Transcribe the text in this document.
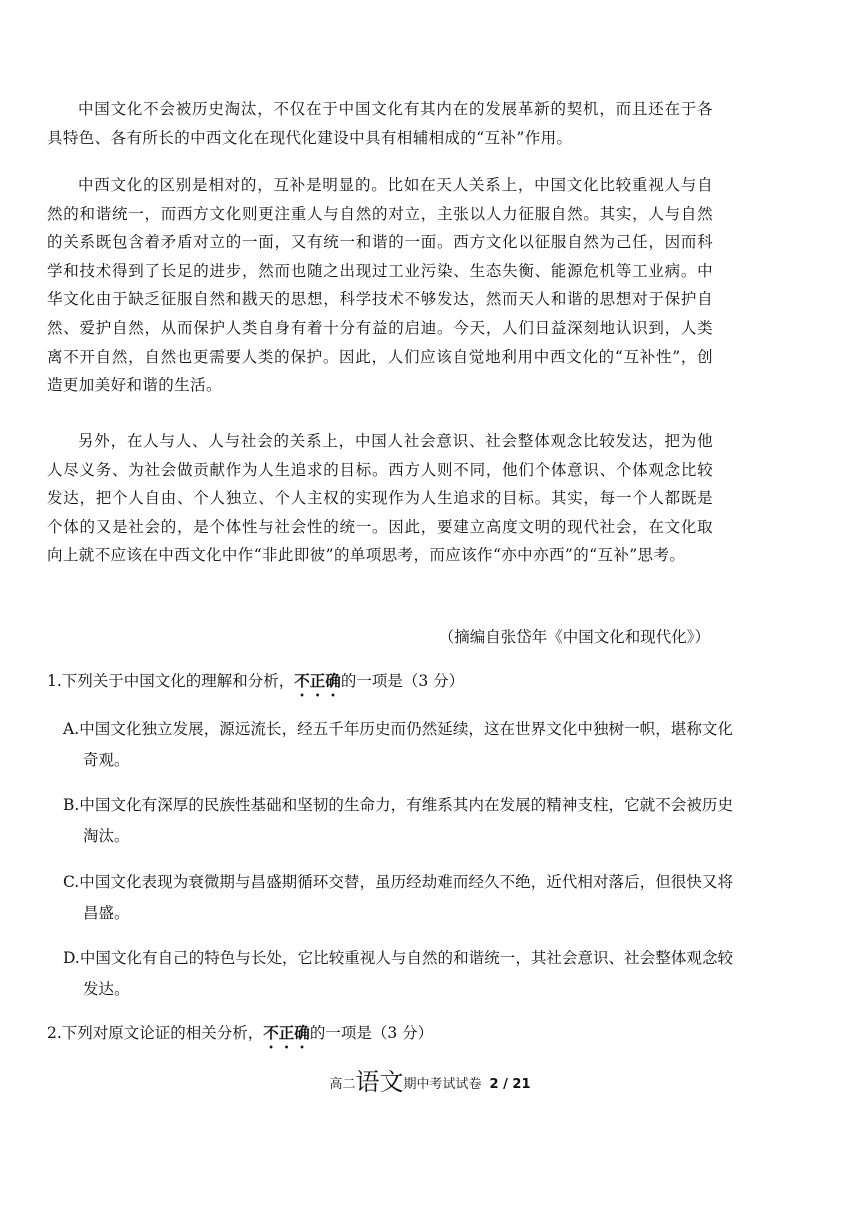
中国文化不会被历史淘汰，不仅在于中国文化有其内在的发展革新的契机，而且还在于各具特色、各有所长的中西文化在现代化建设中具有相辅相成的“互补”作用。

中西文化的区别是相对的，互补是明显的。比如在天人关系上，中国文化比较重视人与自然的和谐统一，而西方文化则更注重人与自然的对立，主张以人力征服自然。其实，人与自然的关系既包含着矛盾对立的一面，又有统一和谐的一面。西方文化以征服自然为己任，因而科学和技术得到了长足的进步，然而也随之出现过工业污染、生态失衡、能源危机等工业病。中华文化由于缺乏征服自然和戡天的思想，科学技术不够发达，然而天人和谐的思想对于保护自然、爱护自然，从而保护人类自身有着十分有益的启迪。今天，人们日益深刻地认识到，人类离不开自然，自然也更需要人类的保护。因此，人们应该自觉地利用中西文化的“互补性”，创造更加美好和谐的生活。

另外，在人与人、人与社会的关系上，中国人社会意识、社会整体观念比较发达，把为他人尽义务、为社会做贡献作为人生追求的目标。西方人则不同，他们个体意识、个体观念比较发达，把个人自由、个人独立、个人主权的实现作为人生追求的目标。其实，每一个人都既是个体的又是社会的，是个体性与社会性的统一。因此，要建立高度文明的现代社会，在文化取向上就不应该在中西文化中作“非此即彼”的单项思考，而应该作“亦中亦西”的“互补”思考。

（摘编自张岱年《中国文化和现代化》）

1.下列关于中国文化的理解和分析，不正确的一项是（3 分）

A.中国文化独立发展，源远流长，经五千年历史而仍然延续，这在世界文化中独树一帜，堪称文化奇观。

B.中国文化有深厚的民族性基础和坚韧的生命力，有维系其内在发展的精神支柱，它就不会被历史淘汰。

C.中国文化表现为衰微期与昌盛期循环交替，虽历经劫难而经久不绝，近代相对落后，但很快又将昌盛。

D.中国文化有自己的特色与长处，它比较重视人与自然的和谐统一，其社会意识、社会整体观念较发达。

2.下列对原文论证的相关分析，不正确的一项是（3 分）

高二语文期中考试试卷 2 / 21
